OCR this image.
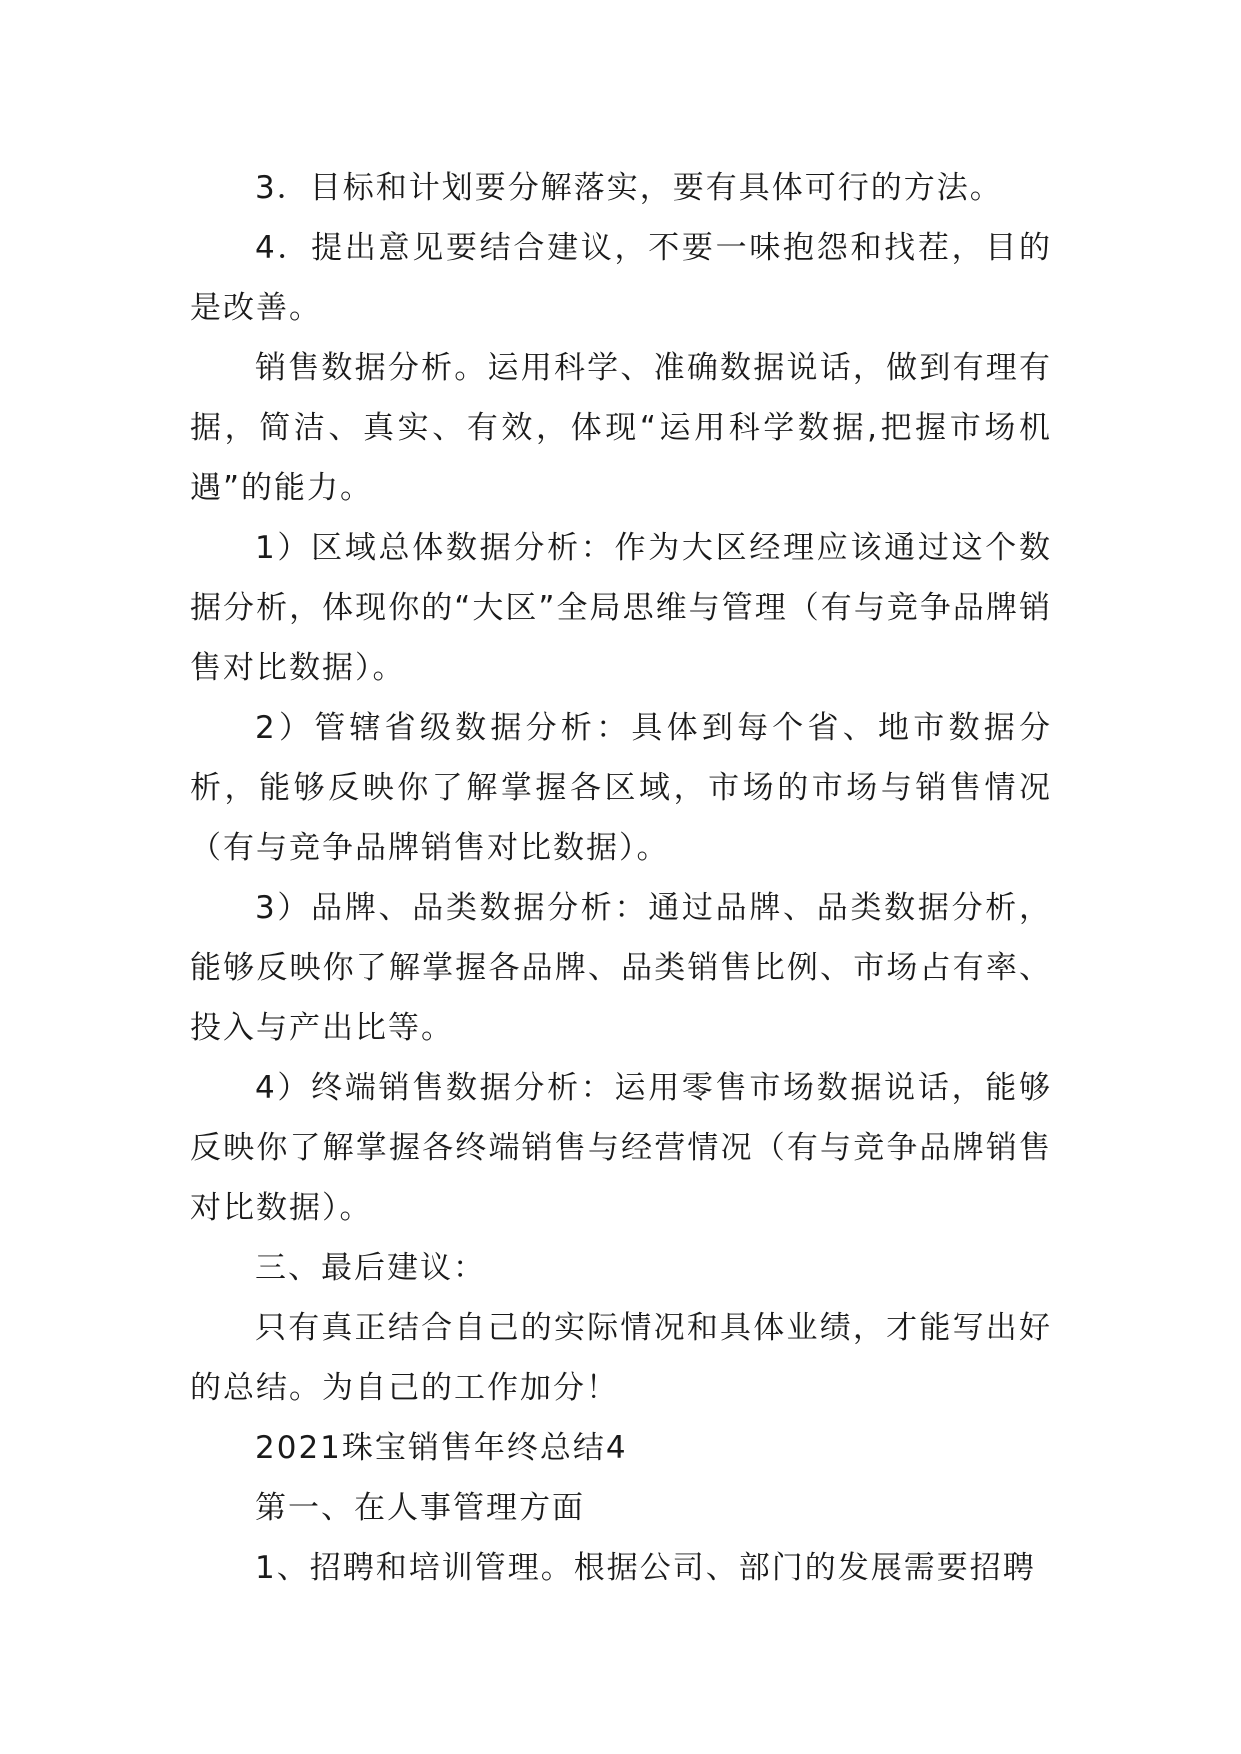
3．目标和计划要分解落实，要有具体可行的方法。

4．提出意见要结合建议，不要一味抱怨和找茬，目的是改善。

销售数据分析。运用科学、准确数据说话，做到有理有据，简洁、真实、有效，体现“运用科学数据,把握市场机遇”的能力。

1）区域总体数据分析：作为大区经理应该通过这个数据分析，体现你的“大区”全局思维与管理（有与竞争品牌销售对比数据）。

2）管辖省级数据分析：具体到每个省、地市数据分析，能够反映你了解掌握各区域，市场的市场与销售情况（有与竞争品牌销售对比数据）。

3）品牌、品类数据分析：通过品牌、品类数据分析，能够反映你了解掌握各品牌、品类销售比例、市场占有率、投入与产出比等。

4）终端销售数据分析：运用零售市场数据说话，能够反映你了解掌握各终端销售与经营情况（有与竞争品牌销售对比数据）。

三、最后建议：

只有真正结合自己的实际情况和具体业绩，才能写出好的总结。为自己的工作加分！

2021珠宝销售年终总结4

第一、在人事管理方面

1、招聘和培训管理。根据公司、部门的发展需要招聘
